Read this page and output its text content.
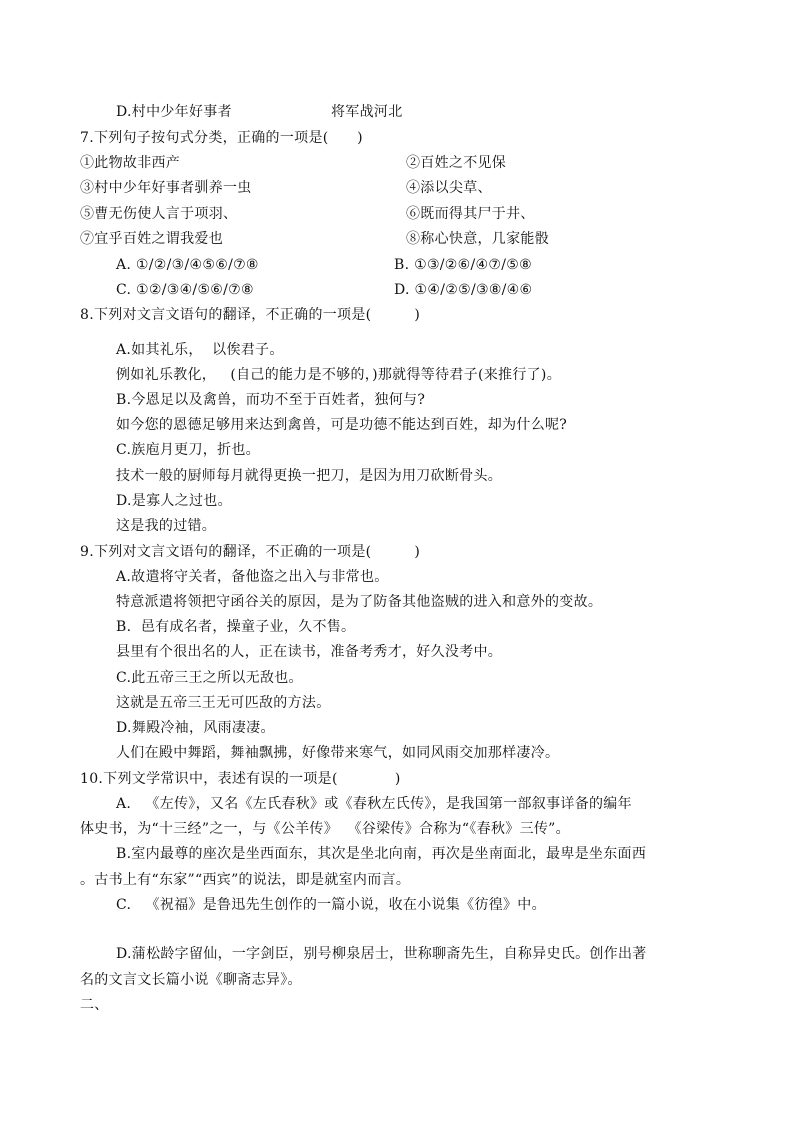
D.村中少年好事者	将军战河北
7.下列句子按句式分类，正确的一项是(　　)
①此物故非西产	②百姓之不见保
③村中少年好事者驯养一虫	④添以尖草、
⑤曹无伤使人言于项羽、	⑥既而得其尸于井、
⑦宜乎百姓之谓我爱也	⑧称心快意，几家能骰
A. ①/②/③/④⑤⑥/⑦⑧	B. ①③/②⑥/④⑦/⑤⑧
C. ①②/③④/⑤⑥/⑦⑧	D. ①④/②⑤/③⑧/④⑥
8.下列对文言文语句的翻译，不正确的一项是(　　　)
A.如其礼乐，  以俟君子。
例如礼乐教化，   (自己的能力是不够的，)那就得等待君子(来推行了)。
B.今恩足以及禽兽，而功不至于百姓者，独何与?
如今您的恩德足够用来达到禽兽，可是功德不能达到百姓，却为什么呢?
C.族庖月更刀，折也。
技术一般的厨师每月就得更换一把刀，是因为用刀砍断骨头。
D.是寡人之过也。
这是我的过错。
9.下列对文言文语句的翻译，不正确的一项是(　　　)
A.故遣将守关者，备他盗之出入与非常也。
特意派遣将领把守函谷关的原因，是为了防备其他盗贼的进入和意外的变故。
B.  邑有成名者，操童子业，久不售。
县里有个很出名的人，正在读书，准备考秀才，好久没考中。
C.此五帝三王之所以无敌也。
这就是五帝三王无可匹敌的方法。
D.舞殿冷袖，风雨凄凄。
人们在殿中舞蹈，舞袖飘拂，好像带来寒气，如同风雨交加那样凄冷。
10.下列文学常识中，表述有误的一项是(　　　　)
A.   《左传》，又名《左氏春秋》或《春秋左氏传》，是我国第一部叙事详备的编年
体史书，为“十三经”之一，与《公羊传》  《谷梁传》合称为“《春秋》三传”。
B.室内最尊的座次是坐西面东，其次是坐北向南，再次是坐南面北，最卑是坐东面西
。古书上有“东家”“西宾”的说法，即是就室内而言。
C.   《祝福》是鲁迅先生创作的一篇小说，收在小说集《彷徨》中。
D.蒲松龄字留仙，一字剑臣，别号柳泉居士，世称聊斋先生，自称异史氏。创作出著
名的文言文长篇小说《聊斋志异》。
二、
